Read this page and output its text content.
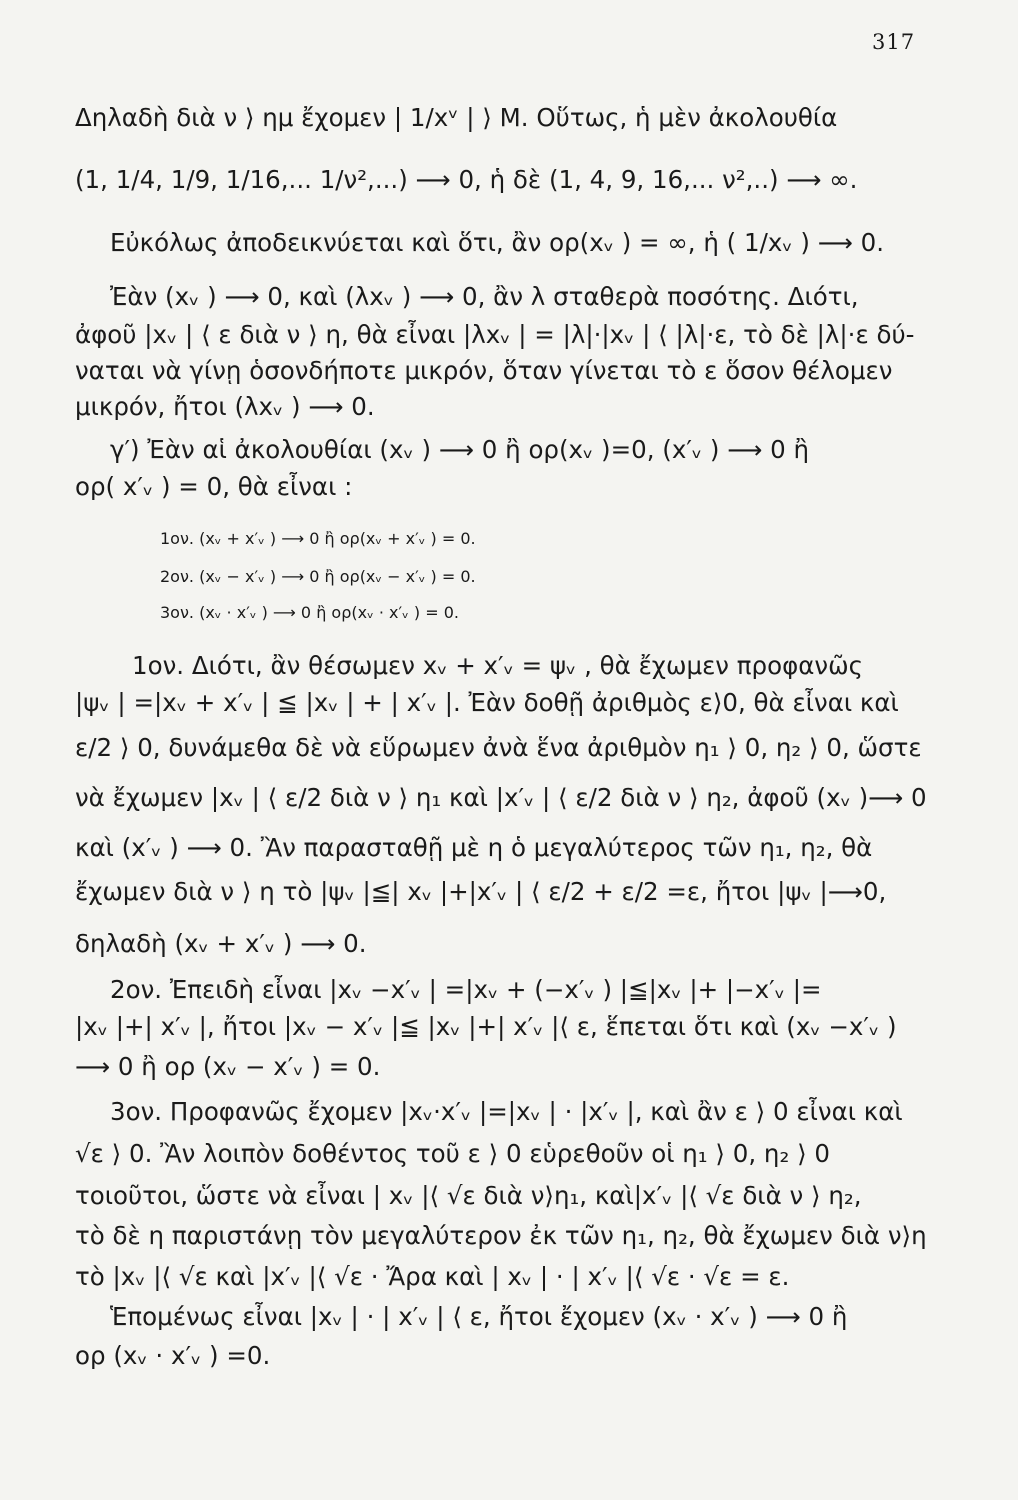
317
Δηλαδὴ διὰ ν ⟩ ημ ἔχομεν | 1/xᵛ | ⟩ Μ. Οὕτως, ἡ μὲν ἀκολουθία
(1, 1/4, 1/9, 1/16,... 1/ν²,...) ⟶ 0, ἡ δὲ (1, 4, 9, 16,... ν²,..) ⟶ ∞.
Εὐκόλως ἀποδεικνύεται καὶ ὅτι, ἂν ορ(xᵥ ) = ∞, ἡ ( 1/xᵥ ) ⟶ 0.
Ἐὰν (xᵥ ) ⟶ 0, καὶ (λxᵥ ) ⟶ 0, ἂν λ σταθερὰ ποσότης. Διότι,
ἀφοῦ |xᵥ | ⟨ ε διὰ ν ⟩ η, θὰ εἶναι |λxᵥ | = |λ|·|xᵥ | ⟨ |λ|·ε, τὸ δὲ |λ|·ε δύ-
ναται νὰ γίνῃ ὁσονδήποτε μικρόν, ὅταν γίνεται τὸ ε ὅσον θέλομεν
μικρόν, ἤτοι (λxᵥ ) ⟶ 0.
γ′) Ἐὰν αἱ ἀκολουθίαι (xᵥ ) ⟶ 0 ἢ ορ(xᵥ )=0, (x′ᵥ ) ⟶ 0 ἢ
ορ( x′ᵥ ) = 0, θὰ εἶναι :
1ον. (xᵥ + x′ᵥ ) ⟶ 0 ἢ ορ(xᵥ + x′ᵥ ) = 0.
2ον. (xᵥ − x′ᵥ ) ⟶ 0 ἢ ορ(xᵥ − x′ᵥ ) = 0.
3ον. (xᵥ · x′ᵥ ) ⟶ 0 ἢ ορ(xᵥ · x′ᵥ ) = 0.
1ον. Διότι, ἂν θέσωμεν xᵥ + x′ᵥ = ψᵥ , θὰ ἔχωμεν προφανῶς
|ψᵥ | =|xᵥ + x′ᵥ | ≦ |xᵥ | + | x′ᵥ |. Ἐὰν δοθῇ ἀριθμὸς ε⟩0, θὰ εἶναι καὶ
ε/2 ⟩ 0, δυνάμεθα δὲ νὰ εὕρωμεν ἀνὰ ἕνα ἀριθμὸν η₁ ⟩ 0, η₂ ⟩ 0, ὥστε
νὰ ἔχωμεν |xᵥ | ⟨ ε/2 διὰ ν ⟩ η₁ καὶ |x′ᵥ | ⟨ ε/2 διὰ ν ⟩ η₂, ἀφοῦ (xᵥ )⟶ 0
καὶ (x′ᵥ ) ⟶ 0. Ἂν παρασταθῇ μὲ η ὁ μεγαλύτερος τῶν η₁, η₂, θὰ
ἔχωμεν διὰ ν ⟩ η τὸ |ψᵥ |≦| xᵥ |+|x′ᵥ | ⟨ ε/2 + ε/2 =ε, ἤτοι |ψᵥ |⟶0,
δηλαδὴ (xᵥ + x′ᵥ ) ⟶ 0.
2ον. Ἐπειδὴ εἶναι |xᵥ −x′ᵥ | =|xᵥ + (−x′ᵥ ) |≦|xᵥ |+ |−x′ᵥ |=
|xᵥ |+| x′ᵥ |, ἤτοι |xᵥ − x′ᵥ |≦ |xᵥ |+| x′ᵥ |⟨ ε, ἕπεται ὅτι καὶ (xᵥ −x′ᵥ )
⟶ 0 ἢ ορ (xᵥ − x′ᵥ ) = 0.
3ον. Προφανῶς ἔχομεν |xᵥ·x′ᵥ |=|xᵥ | · |x′ᵥ |, καὶ ἂν ε ⟩ 0 εἶναι καὶ
√ε ⟩ 0. Ἂν λοιπὸν δοθέντος τοῦ ε ⟩ 0 εὑρεθοῦν οἱ η₁ ⟩ 0, η₂ ⟩ 0
τοιοῦτοι, ὥστε νὰ εἶναι | xᵥ |⟨ √ε διὰ ν⟩η₁, καὶ|x′ᵥ |⟨ √ε διὰ ν ⟩ η₂,
τὸ δὲ η παριστάνῃ τὸν μεγαλύτερον ἐκ τῶν η₁, η₂, θὰ ἔχωμεν διὰ ν⟩η
τὸ |xᵥ |⟨ √ε καὶ |x′ᵥ |⟨ √ε · Ἄρα καὶ | xᵥ | · | x′ᵥ |⟨ √ε · √ε = ε.
Ἑπομένως εἶναι |xᵥ | · | x′ᵥ | ⟨ ε, ἤτοι ἔχομεν (xᵥ · x′ᵥ ) ⟶ 0 ἢ
ορ (xᵥ · x′ᵥ ) =0.
